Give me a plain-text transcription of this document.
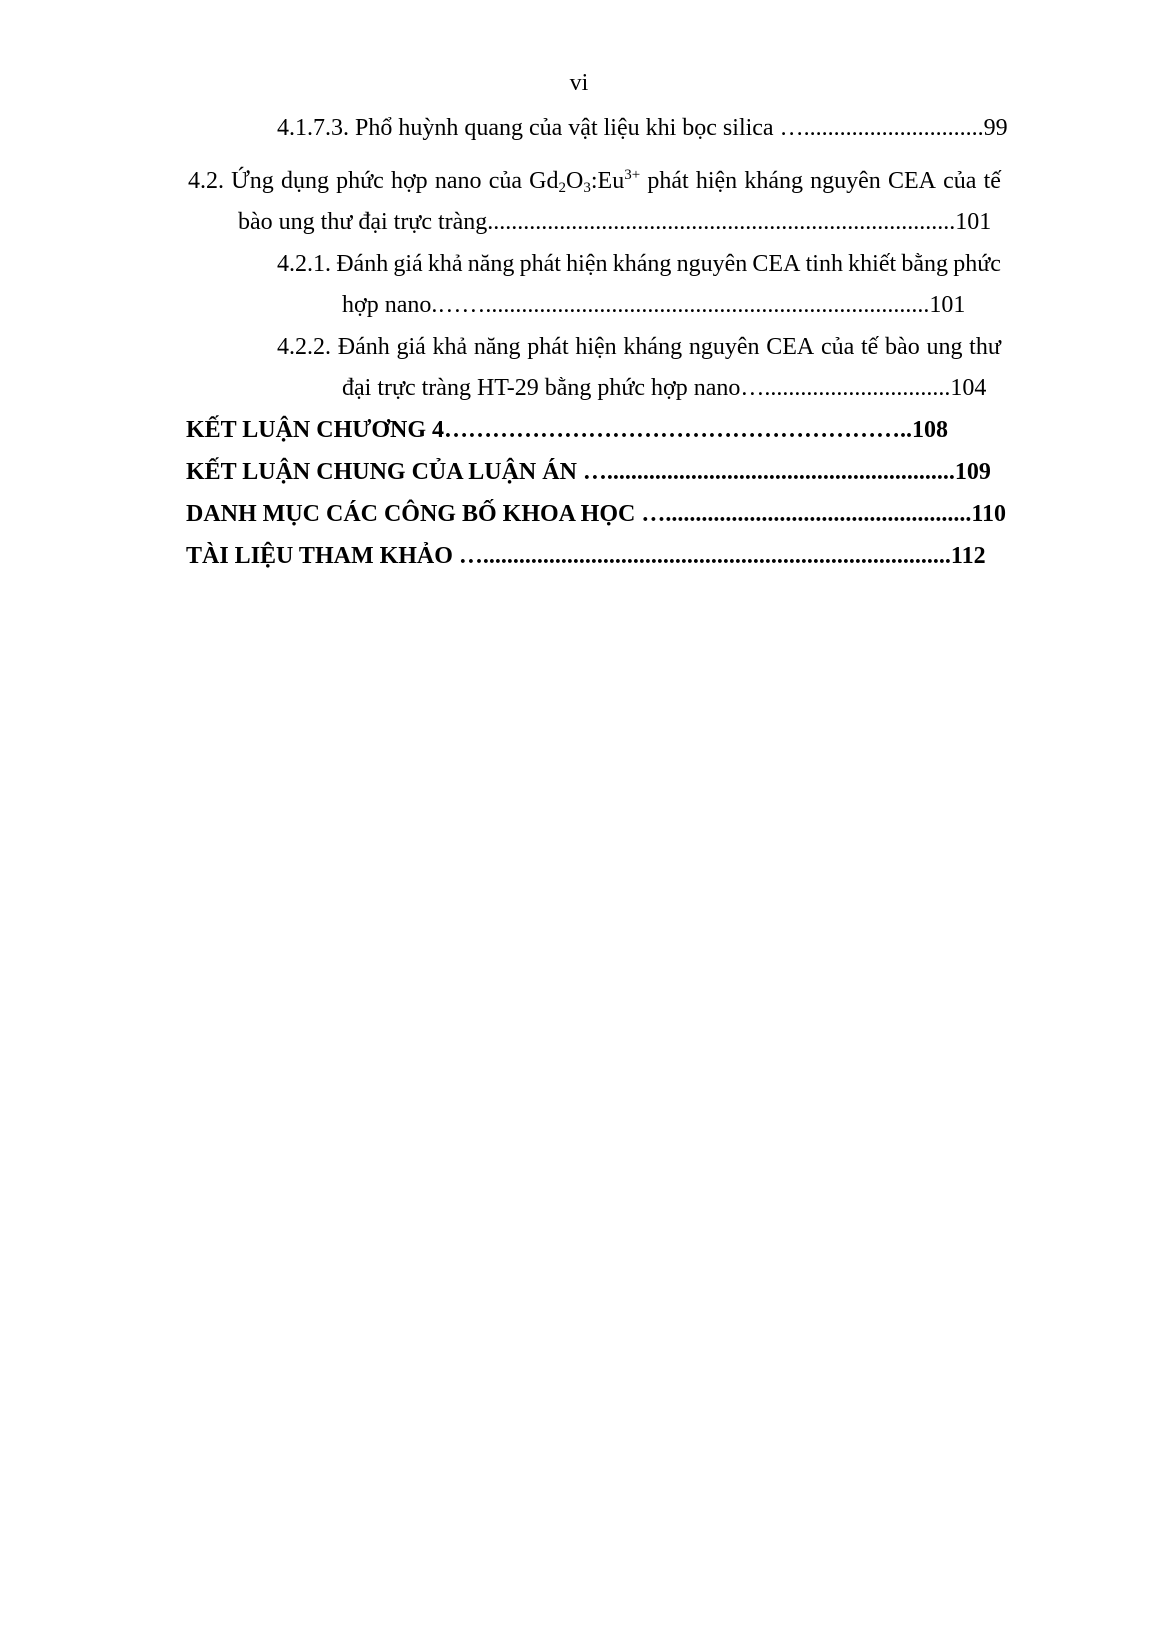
vi
4.1.7.3. Phổ huỳnh quang của vật liệu khi bọc silica …..............................99
4.2. Ứng dụng phức hợp nano của $Gd_2O_3:Eu^{3+}$ phát hiện kháng nguyên CEA của tế
bào ung thư đại trực tràng..............................................................................101
4.2.1. Đánh giá khả năng phát hiện kháng nguyên CEA tinh khiết bằng phức
hợp nano.……..........................................................................101
4.2.2. Đánh giá khả năng phát hiện kháng nguyên CEA của tế bào ung thư
đại trực tràng HT-29 bằng phức hợp nano…...............................104
KẾT LUẬN CHƯƠNG 4…………………………………………………..108
KẾT LUẬN CHUNG CỦA LUẬN ÁN …..........................................................109
DANH MỤC CÁC CÔNG BỐ KHOA HỌC …...................................................110
TÀI LIỆU THAM KHẢO …..............................................................................112
